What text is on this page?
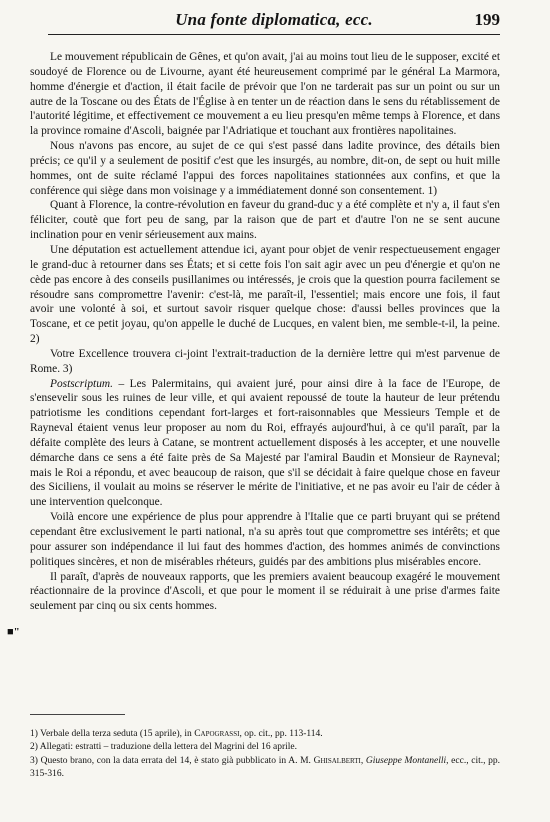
Una fonte diplomatica, ecc.	199

Le mouvement républicain de Gênes, et qu'on avait, j'ai au moins tout lieu de le supposer, excité et soudoyé de Florence ou de Livourne, ayant été heureusement comprimé par le général La Marmora, homme d'énergie et d'action, il était facile de prévoir que l'on ne tarderait pas sur un point ou sur un autre de la Toscane ou des États de l'Église à en tenter un de réaction dans le sens du rétablissement de l'autorité légitime, et effectivement ce mouvement a eu lieu presqu'en même temps à Florence, et dans la province romaine d'Ascoli, baignée par l'Adriatique et touchant aux frontières napolitaines.

Nous n'avons pas encore, au sujet de ce qui s'est passé dans ladite province, des détails bien précis; ce qu'il y a seulement de positif c'est que les insurgés, au nombre, dit-on, de sept ou huit mille hommes, ont de suite réclamé l'appui des forces napolitaines stationnées aux confins, et que la conférence qui siège dans mon voisinage y a immédiatement donné son consentement. 1)

Quant à Florence, la contre-révolution en faveur du grand-duc y a été complète et n'y a, il faut s'en féliciter, coutè que fort peu de sang, par la raison que de part et d'autre l'on ne se sent aucune inclination pour en venir sérieusement aux mains.

Une députation est actuellement attendue ici, ayant pour objet de venir respectueusement engager le grand-duc à retourner dans ses États; et si cette fois l'on sait agir avec un peu d'énergie et qu'on ne cède pas encore à des conseils pusillanimes ou intéressés, je crois que la question pourra facilement se résoudre sans compromettre l'avenir: c'est-là, me paraît-il, l'essentiel; mais encore une fois, il faut avoir une volonté à soi, et surtout savoir risquer quelque chose: d'aussi belles provinces que la Toscane, et ce petit joyau, qu'on appelle le duché de Lucques, en valent bien, me semble-t-il, la peine. 2)

Votre Excellence trouvera ci-joint l'extrait-traduction de la dernière lettre qui m'est parvenue de Rome. 3)

Postscriptum. – Les Palermitains, qui avaient juré, pour ainsi dire à la face de l'Europe, de s'ensevelir sous les ruines de leur ville, et qui avaient repoussé de toute la hauteur de leur prétendu patriotisme les conditions cependant fort-larges et fort-raisonnables que Messieurs Temple et de Rayneval étaient venus leur proposer au nom du Roi, effrayés aujourd'hui, à ce qu'il paraît, par la défaite complète des leurs à Catane, se montrent actuellement disposés à les accepter, et une nouvelle démarche dans ce sens a été faite près de Sa Majesté par l'amiral Baudin et Monsieur de Rayneval; mais le Roi a répondu, et avec beaucoup de raison, que s'il se décidait à faire quelque chose en faveur des Siciliens, il voulait au moins se réserver le mérite de l'initiative, et ne pas avoir eu l'air de céder à une intervention quelconque.

Voilà encore une expérience de plus pour apprendre à l'Italie que ce parti bruyant qui se prétend cependant être exclusivement le parti national, n'a su après tout que compromettre ses intérêts; et que pour assurer son indépendance il lui faut des hommes d'action, des hommes animés de convinctions politiques sincères, et non de misérables rhéteurs, guidés par des ambitions plus misérables encore.

Il paraît, d'après de nouveaux rapports, que les premiers avaient beaucoup exagéré le mouvement réactionnaire de la province d'Ascoli, et que pour le moment il se réduirait à une prise d'armes faite seulement par cinq ou six cents hommes.

■"

1) Verbale della terza seduta (15 aprile), in Capograssi, op. cit., pp. 113-114.

2) Allegati: estratti – traduzione della lettera del Magrini del 16 aprile.

3) Questo brano, con la data errata del 14, è stato già pubblicato in A. M. Ghisalberti, Giuseppe Montanelli, ecc., cit., pp. 315-316.
